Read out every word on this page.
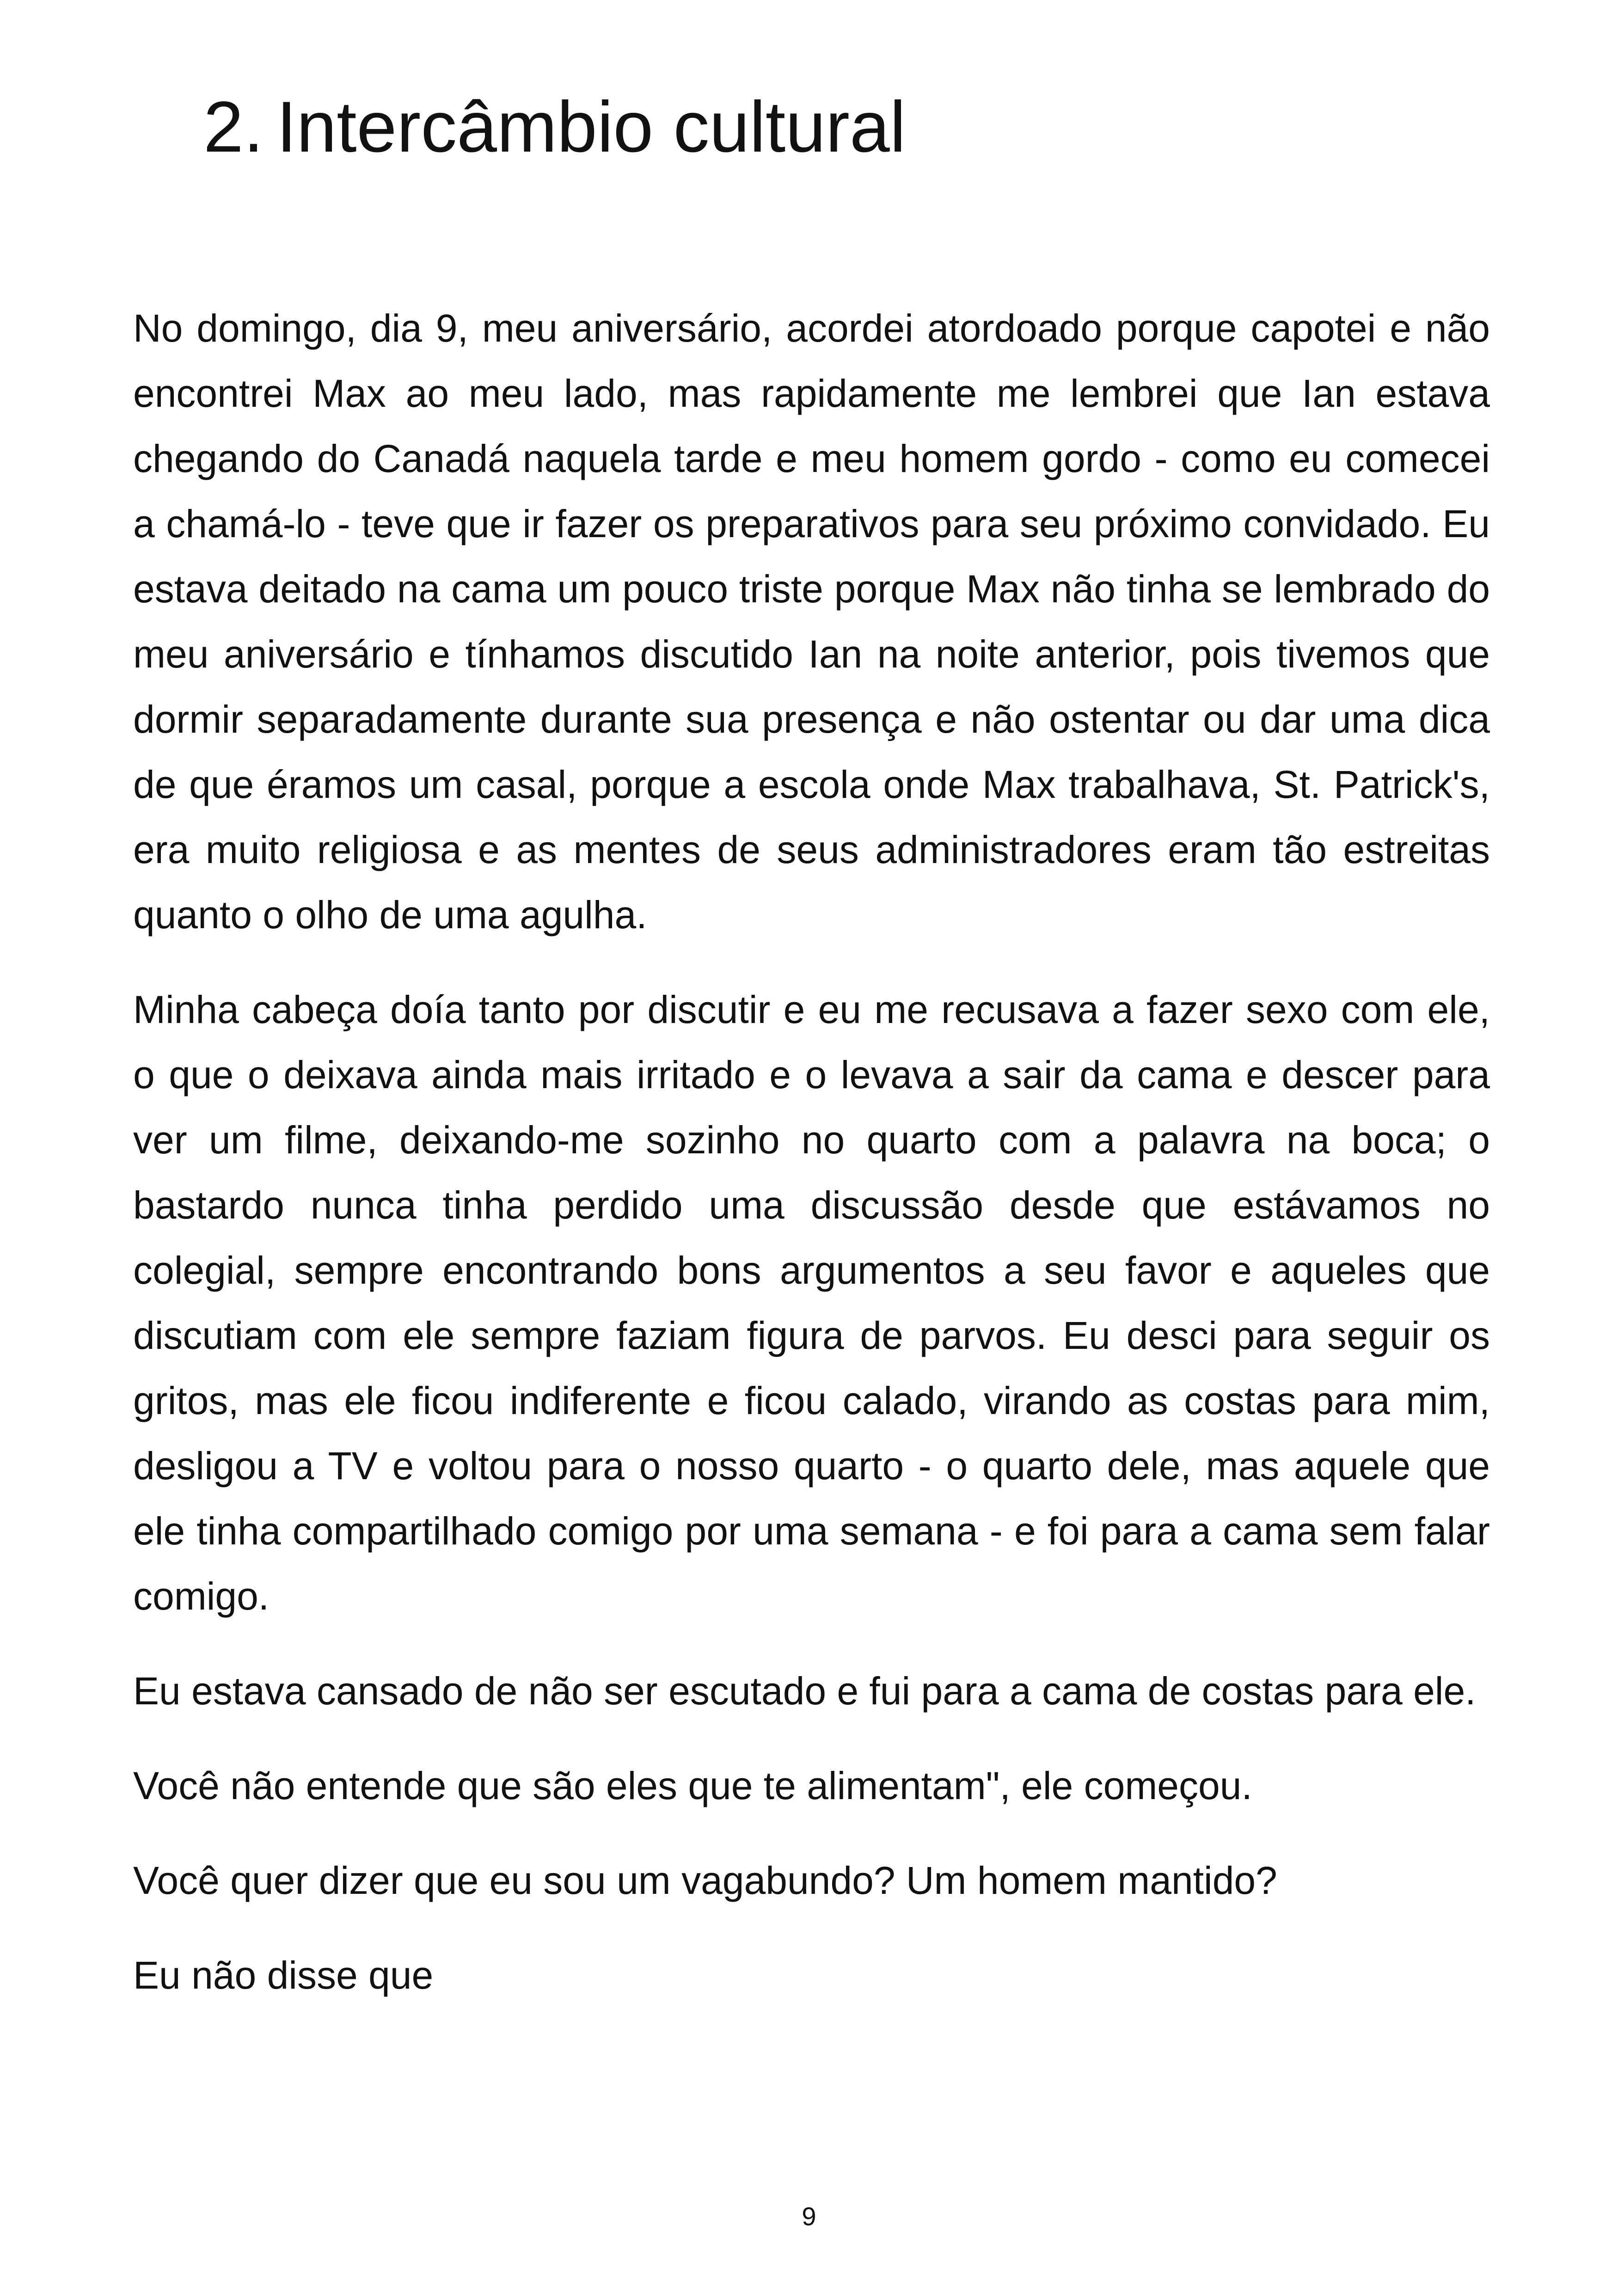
2. Intercâmbio cultural

No domingo, dia 9, meu aniversário, acordei atordoado porque capotei e não encontrei Max ao meu lado, mas rapidamente me lembrei que Ian estava chegando do Canadá naquela tarde e meu homem gordo - como eu comecei a chamá-lo - teve que ir fazer os preparativos para seu próximo convidado. Eu estava deitado na cama um pouco triste porque Max não tinha se lembrado do meu aniversário e tínhamos discutido Ian na noite anterior, pois tivemos que dormir separadamente durante sua presença e não ostentar ou dar uma dica de que éramos um casal, porque a escola onde Max trabalhava, St. Patrick's, era muito religiosa e as mentes de seus administradores eram tão estreitas quanto o olho de uma agulha.

Minha cabeça doía tanto por discutir e eu me recusava a fazer sexo com ele, o que o deixava ainda mais irritado e o levava a sair da cama e descer para ver um filme, deixando-me sozinho no quarto com a palavra na boca; o bastardo nunca tinha perdido uma discussão desde que estávamos no colegial, sempre encontrando bons argumentos a seu favor e aqueles que discutiam com ele sempre faziam figura de parvos. Eu desci para seguir os gritos, mas ele ficou indiferente e ficou calado, virando as costas para mim, desligou a TV e voltou para o nosso quarto - o quarto dele, mas aquele que ele tinha compartilhado comigo por uma semana - e foi para a cama sem falar comigo.

Eu estava cansado de não ser escutado e fui para a cama de costas para ele.

Você não entende que são eles que te alimentam", ele começou.

Você quer dizer que eu sou um vagabundo? Um homem mantido?

Eu não disse que

9
